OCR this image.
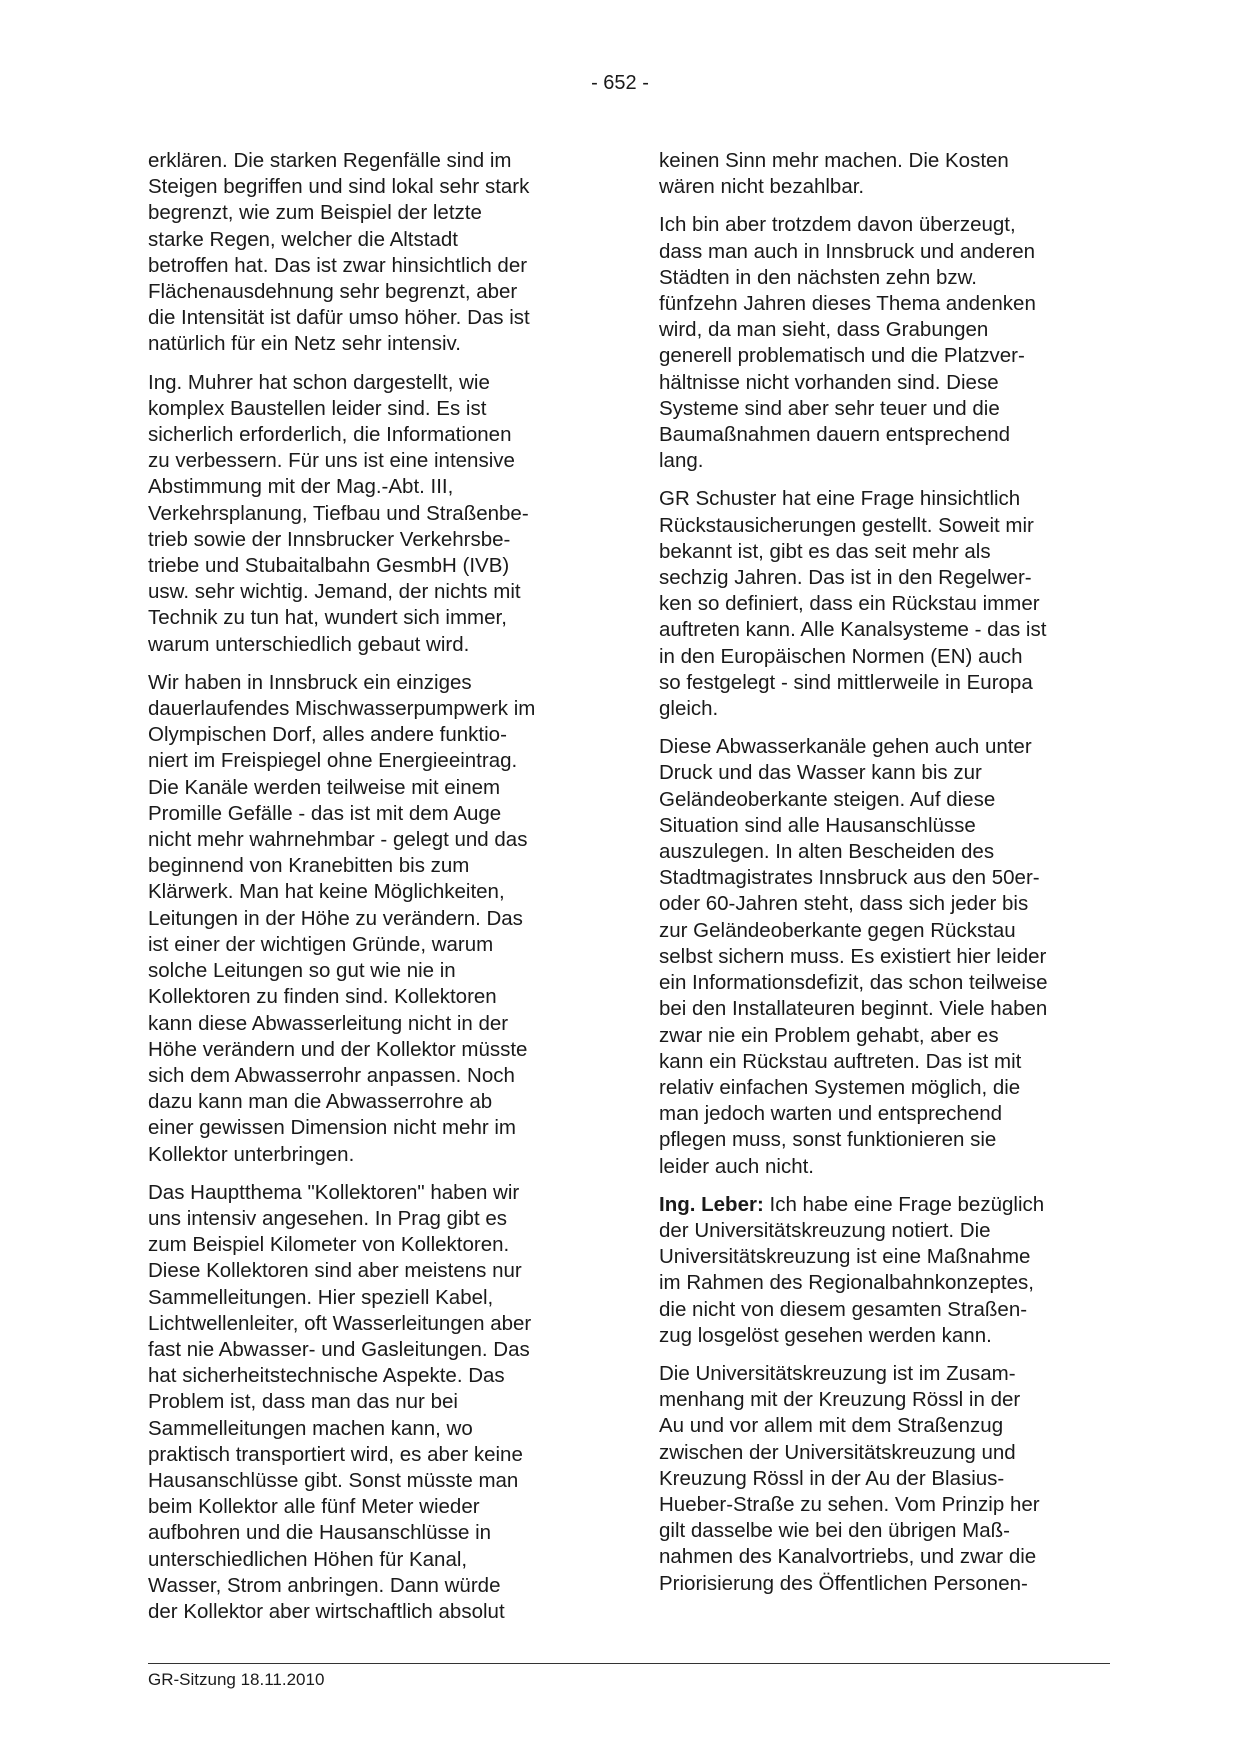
- 652 -

erklären. Die starken Regenfälle sind im
Steigen begriffen und sind lokal sehr stark
begrenzt, wie zum Beispiel der letzte
starke Regen, welcher die Altstadt
betroffen hat. Das ist zwar hinsichtlich der
Flächenausdehnung sehr begrenzt, aber
die Intensität ist dafür umso höher. Das ist
natürlich für ein Netz sehr intensiv.

Ing. Muhrer hat schon dargestellt, wie
komplex Baustellen leider sind. Es ist
sicherlich erforderlich, die Informationen
zu verbessern. Für uns ist eine intensive
Abstimmung mit der Mag.-Abt. III,
Verkehrsplanung, Tiefbau und Straßenbe-
trieb sowie der Innsbrucker Verkehrsbe-
triebe und Stubaitalbahn GesmbH (IVB)
usw. sehr wichtig. Jemand, der nichts mit
Technik zu tun hat, wundert sich immer,
warum unterschiedlich gebaut wird.

Wir haben in Innsbruck ein einziges
dauerlaufendes Mischwasserpumpwerk im
Olympischen Dorf, alles andere funktio-
niert im Freispiegel ohne Energieeintrag.
Die Kanäle werden teilweise mit einem
Promille Gefälle - das ist mit dem Auge
nicht mehr wahrnehmbar - gelegt und das
beginnend von Kranebitten bis zum
Klärwerk. Man hat keine Möglichkeiten,
Leitungen in der Höhe zu verändern. Das
ist einer der wichtigen Gründe, warum
solche Leitungen so gut wie nie in
Kollektoren zu finden sind. Kollektoren
kann diese Abwasserleitung nicht in der
Höhe verändern und der Kollektor müsste
sich dem Abwasserrohr anpassen. Noch
dazu kann man die Abwasserrohre ab
einer gewissen Dimension nicht mehr im
Kollektor unterbringen.

Das Hauptthema "Kollektoren" haben wir
uns intensiv angesehen. In Prag gibt es
zum Beispiel Kilometer von Kollektoren.
Diese Kollektoren sind aber meistens nur
Sammelleitungen. Hier speziell Kabel,
Lichtwellenleiter, oft Wasserleitungen aber
fast nie Abwasser- und Gasleitungen. Das
hat sicherheitstechnische Aspekte. Das
Problem ist, dass man das nur bei
Sammelleitungen machen kann, wo
praktisch transportiert wird, es aber keine
Hausanschlüsse gibt. Sonst müsste man
beim Kollektor alle fünf Meter wieder
aufbohren und die Hausanschlüsse in
unterschiedlichen Höhen für Kanal,
Wasser, Strom anbringen. Dann würde
der Kollektor aber wirtschaftlich absolut

keinen Sinn mehr machen. Die Kosten
wären nicht bezahlbar.

Ich bin aber trotzdem davon überzeugt,
dass man auch in Innsbruck und anderen
Städten in den nächsten zehn bzw.
fünfzehn Jahren dieses Thema andenken
wird, da man sieht, dass Grabungen
generell problematisch und die Platzver-
hältnisse nicht vorhanden sind. Diese
Systeme sind aber sehr teuer und die
Baumaßnahmen dauern entsprechend
lang.

GR Schuster hat eine Frage hinsichtlich
Rückstausicherungen gestellt. Soweit mir
bekannt ist, gibt es das seit mehr als
sechzig Jahren. Das ist in den Regelwer-
ken so definiert, dass ein Rückstau immer
auftreten kann. Alle Kanalsysteme - das ist
in den Europäischen Normen (EN) auch
so festgelegt - sind mittlerweile in Europa
gleich.

Diese Abwasserkanäle gehen auch unter
Druck und das Wasser kann bis zur
Geländeoberkante steigen. Auf diese
Situation sind alle Hausanschlüsse
auszulegen. In alten Bescheiden des
Stadtmagistrates Innsbruck aus den 50er-
oder 60-Jahren steht, dass sich jeder bis
zur Geländeoberkante gegen Rückstau
selbst sichern muss. Es existiert hier leider
ein Informationsdefizit, das schon teilweise
bei den Installateuren beginnt. Viele haben
zwar nie ein Problem gehabt, aber es
kann ein Rückstau auftreten. Das ist mit
relativ einfachen Systemen möglich, die
man jedoch warten und entsprechend
pflegen muss, sonst funktionieren sie
leider auch nicht.

Ing. Leber: Ich habe eine Frage bezüglich
der Universitätskreuzung notiert. Die
Universitätskreuzung ist eine Maßnahme
im Rahmen des Regionalbahnkonzeptes,
die nicht von diesem gesamten Straßen-
zug losgelöst gesehen werden kann.

Die Universitätskreuzung ist im Zusam-
menhang mit der Kreuzung Rössl in der
Au und vor allem mit dem Straßenzug
zwischen der Universitätskreuzung und
Kreuzung Rössl in der Au der Blasius-
Hueber-Straße zu sehen. Vom Prinzip her
gilt dasselbe wie bei den übrigen Maß-
nahmen des Kanalvortriebs, und zwar die
Priorisierung des Öffentlichen Personen-

GR-Sitzung 18.11.2010
